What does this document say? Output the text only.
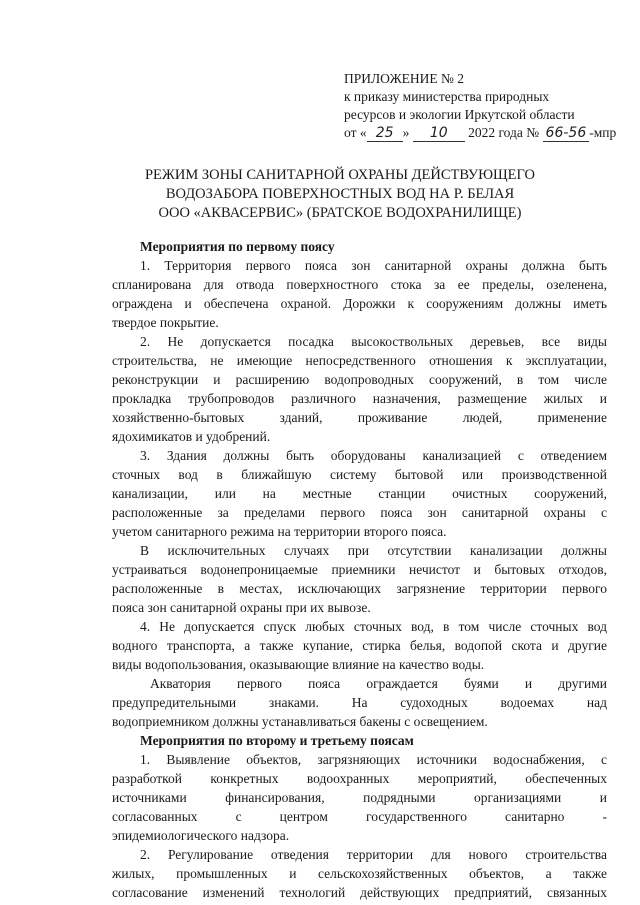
ПРИЛОЖЕНИЕ № 2
к приказу министерства природных
ресурсов и экологии Иркутской области
от « 25 » 10 2022 года № 66-56 -мпр
РЕЖИМ ЗОНЫ САНИТАРНОЙ ОХРАНЫ ДЕЙСТВУЮЩЕГО
ВОДОЗАБОРА ПОВЕРХНОСТНЫХ ВОД НА Р. БЕЛАЯ
ООО «АКВАСЕРВИС» (БРАТСКОЕ ВОДОХРАНИЛИЩЕ)
Мероприятия по первому поясу
1. Территория первого пояса зон санитарной охраны должна быть
спланирована для отвода поверхностного стока за ее пределы, озеленена,
ограждена и обеспечена охраной. Дорожки к сооружениям должны иметь
твердое покрытие.
2. Не допускается посадка высокоствольных деревьев, все виды
строительства, не имеющие непосредственного отношения к эксплуатации,
реконструкции и расширению водопроводных сооружений, в том числе
прокладка трубопроводов различного назначения, размещение жилых и
хозяйственно-бытовых зданий, проживание людей, применение
ядохимикатов и удобрений.
3. Здания должны быть оборудованы канализацией с отведением
сточных вод в ближайшую систему бытовой или производственной
канализации, или на местные станции очистных сооружений,
расположенные за пределами первого пояса зон санитарной охраны с
учетом санитарного режима на территории второго пояса.
В исключительных случаях при отсутствии канализации должны
устраиваться водонепроницаемые приемники нечистот и бытовых отходов,
расположенные в местах, исключающих загрязнение территории первого
пояса зон санитарной охраны при их вывозе.
4. Не допускается спуск любых сточных вод, в том числе сточных вод
водного транспорта, а также купание, стирка белья, водопой скота и другие
виды водопользования, оказывающие влияние на качество воды.
Акватория первого пояса ограждается буями и другими
предупредительными знаками. На судоходных водоемах над
водоприемником должны устанавливаться бакены с освещением.
Мероприятия по второму и третьему поясам
1. Выявление объектов, загрязняющих источники водоснабжения, с
разработкой конкретных водоохранных мероприятий, обеспеченных
источниками финансирования, подрядными организациями и
согласованных с центром государственного санитарно -
эпидемиологического надзора.
2. Регулирование отведения территории для нового строительства
жилых, промышленных и сельскохозяйственных объектов, а также
согласование изменений технологий действующих предприятий, связанных
